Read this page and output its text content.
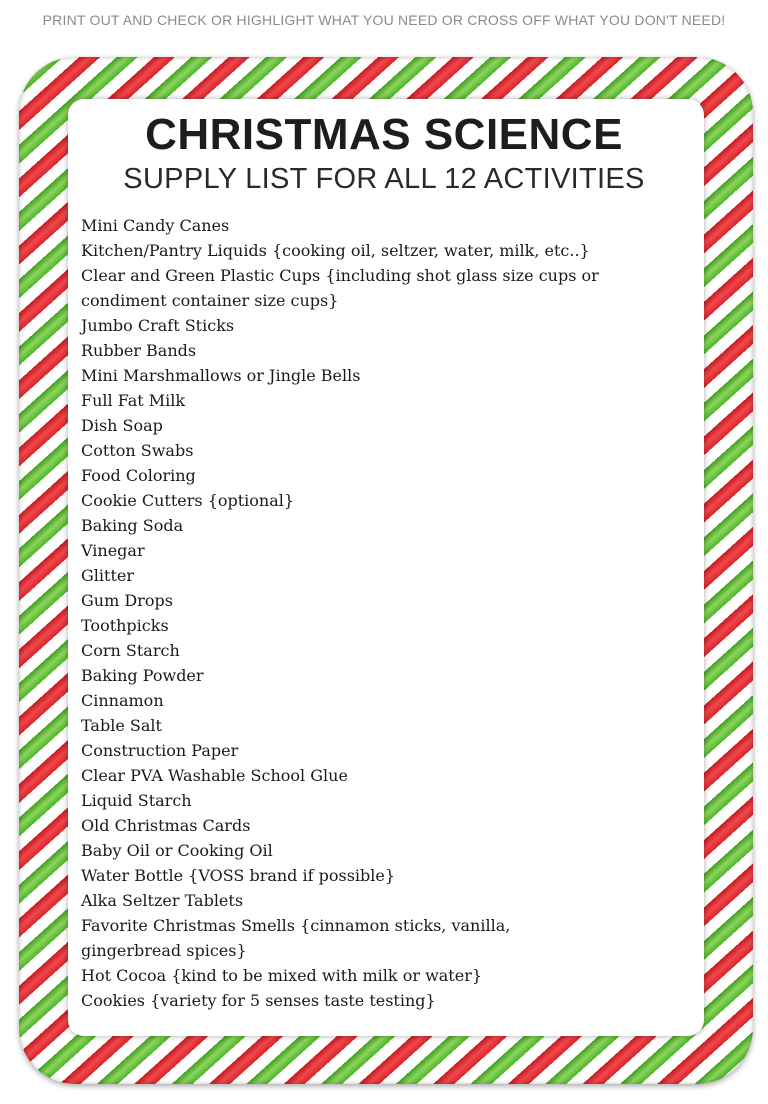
PRINT OUT AND CHECK OR HIGHLIGHT WHAT YOU NEED OR CROSS OFF WHAT YOU DON'T NEED!
CHRISTMAS SCIENCE
SUPPLY LIST FOR ALL 12 ACTIVITIES
Mini Candy Canes
Kitchen/Pantry Liquids {cooking oil, seltzer, water, milk, etc..}
Clear and Green Plastic Cups {including shot glass size cups or
condiment container size cups}
Jumbo Craft Sticks
Rubber Bands
Mini Marshmallows or Jingle Bells
Full Fat Milk
Dish Soap
Cotton Swabs
Food Coloring
Cookie Cutters {optional}
Baking Soda
Vinegar
Glitter
Gum Drops
Toothpicks
Corn Starch
Baking Powder
Cinnamon
Table Salt
Construction Paper
Clear PVA Washable School Glue
Liquid Starch
Old Christmas Cards
Baby Oil or Cooking Oil
Water Bottle {VOSS brand if possible}
Alka Seltzer Tablets
Favorite Christmas Smells {cinnamon sticks, vanilla,
gingerbread spices}
Hot Cocoa {kind to be mixed with milk or water}
Cookies {variety for 5 senses taste testing}
